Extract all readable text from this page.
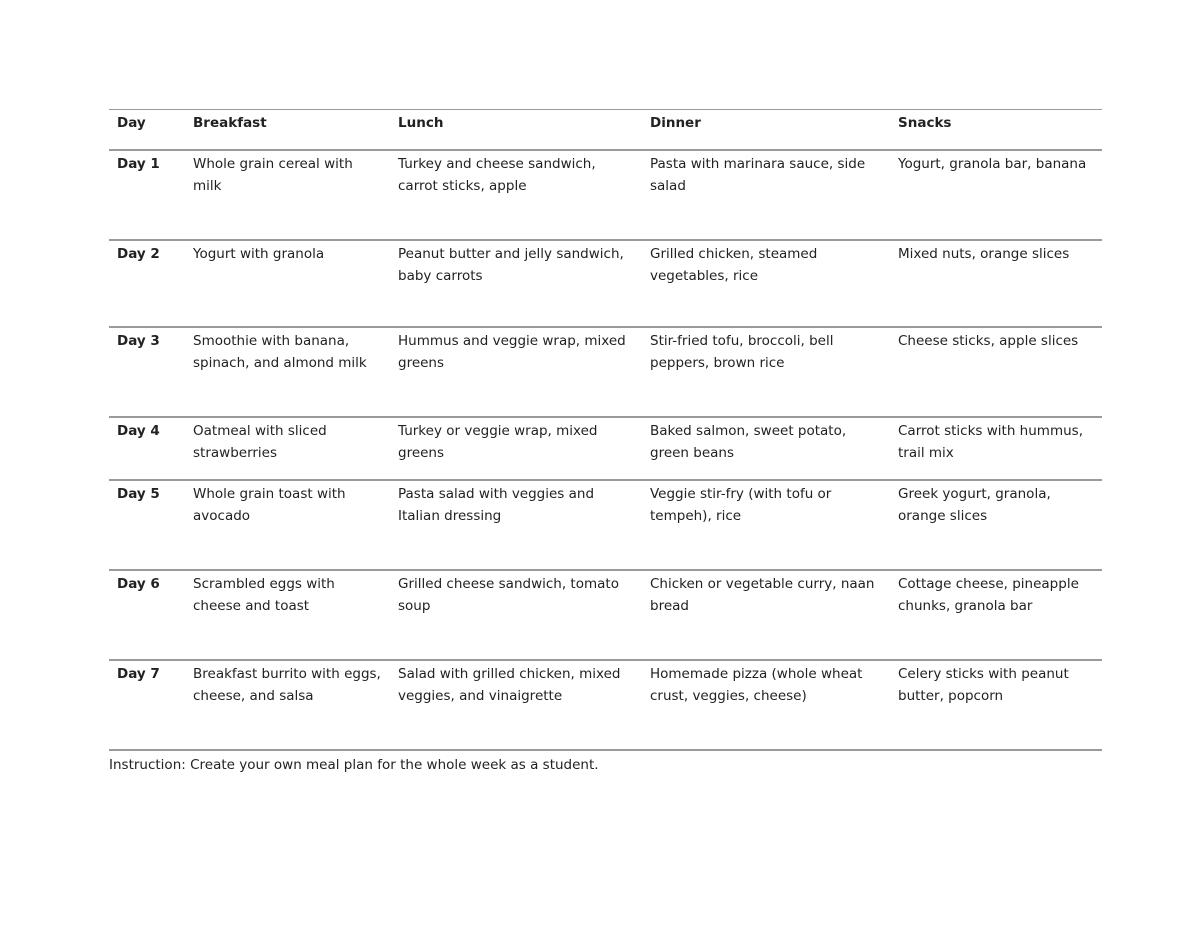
Day	Breakfast	Lunch	Dinner	Snacks
Day 1	Whole grain cereal with milk	Turkey and cheese sandwich, carrot sticks, apple	Pasta with marinara sauce, side salad	Yogurt, granola bar, banana
Day 2	Yogurt with granola	Peanut butter and jelly sandwich, baby carrots	Grilled chicken, steamed vegetables, rice	Mixed nuts, orange slices
Day 3	Smoothie with banana, spinach, and almond milk	Hummus and veggie wrap, mixed greens	Stir-fried tofu, broccoli, bell peppers, brown rice	Cheese sticks, apple slices
Day 4	Oatmeal with sliced strawberries	Turkey or veggie wrap, mixed greens	Baked salmon, sweet potato, green beans	Carrot sticks with hummus, trail mix
Day 5	Whole grain toast with avocado	Pasta salad with veggies and Italian dressing	Veggie stir-fry (with tofu or tempeh), rice	Greek yogurt, granola, orange slices
Day 6	Scrambled eggs with cheese and toast	Grilled cheese sandwich, tomato soup	Chicken or vegetable curry, naan bread	Cottage cheese, pineapple chunks, granola bar
Day 7	Breakfast burrito with eggs, cheese, and salsa	Salad with grilled chicken, mixed veggies, and vinaigrette	Homemade pizza (whole wheat crust, veggies, cheese)	Celery sticks with peanut butter, popcorn
Instruction: Create your own meal plan for the whole week as a student.
